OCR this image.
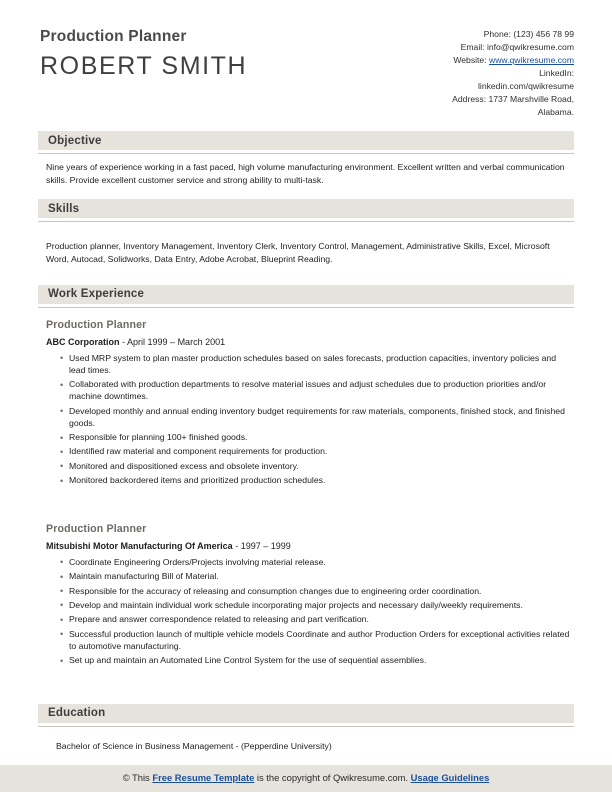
Production Planner
ROBERT SMITH
Phone: (123) 456 78 99
Email: info@qwikresume.com
Website: www.qwikresume.com
LinkedIn:
linkedin.com/qwikresume
Address: 1737 Marshville Road,
Alabama.
Objective
Nine years of experience working in a fast paced, high volume manufacturing environment. Excellent written and verbal communication skills. Provide excellent customer service and strong ability to multi-task.
Skills
Production planner, Inventory Management, Inventory Clerk, Inventory Control, Management, Administrative Skills, Excel, Microsoft Word, Autocad, Solidworks, Data Entry, Adobe Acrobat, Blueprint Reading.
Work Experience
Production Planner
ABC Corporation - April 1999 – March 2001
• Used MRP system to plan master production schedules based on sales forecasts, production capacities, inventory policies and lead times.
• Collaborated with production departments to resolve material issues and adjust schedules due to production priorities and/or machine downtimes.
• Developed monthly and annual ending inventory budget requirements for raw materials, components, finished stock, and finished goods.
• Responsible for planning 100+ finished goods.
• Identified raw material and component requirements for production.
• Monitored and dispositioned excess and obsolete inventory.
• Monitored backordered items and prioritized production schedules.
Production Planner
Mitsubishi Motor Manufacturing Of America - 1997 – 1999
• Coordinate Engineering Orders/Projects involving material release.
• Maintain manufacturing Bill of Material.
• Responsible for the accuracy of releasing and consumption changes due to engineering order coordination.
• Develop and maintain individual work schedule incorporating major projects and necessary daily/weekly requirements.
• Prepare and answer correspondence related to releasing and part verification.
• Successful production launch of multiple vehicle models Coordinate and author Production Orders for exceptional activities related to automotive manufacturing.
• Set up and maintain an Automated Line Control System for the use of sequential assemblies.
Education
Bachelor of Science in Business Management - (Pepperdine University)
© This Free Resume Template is the copyright of Qwikresume.com. Usage Guidelines
